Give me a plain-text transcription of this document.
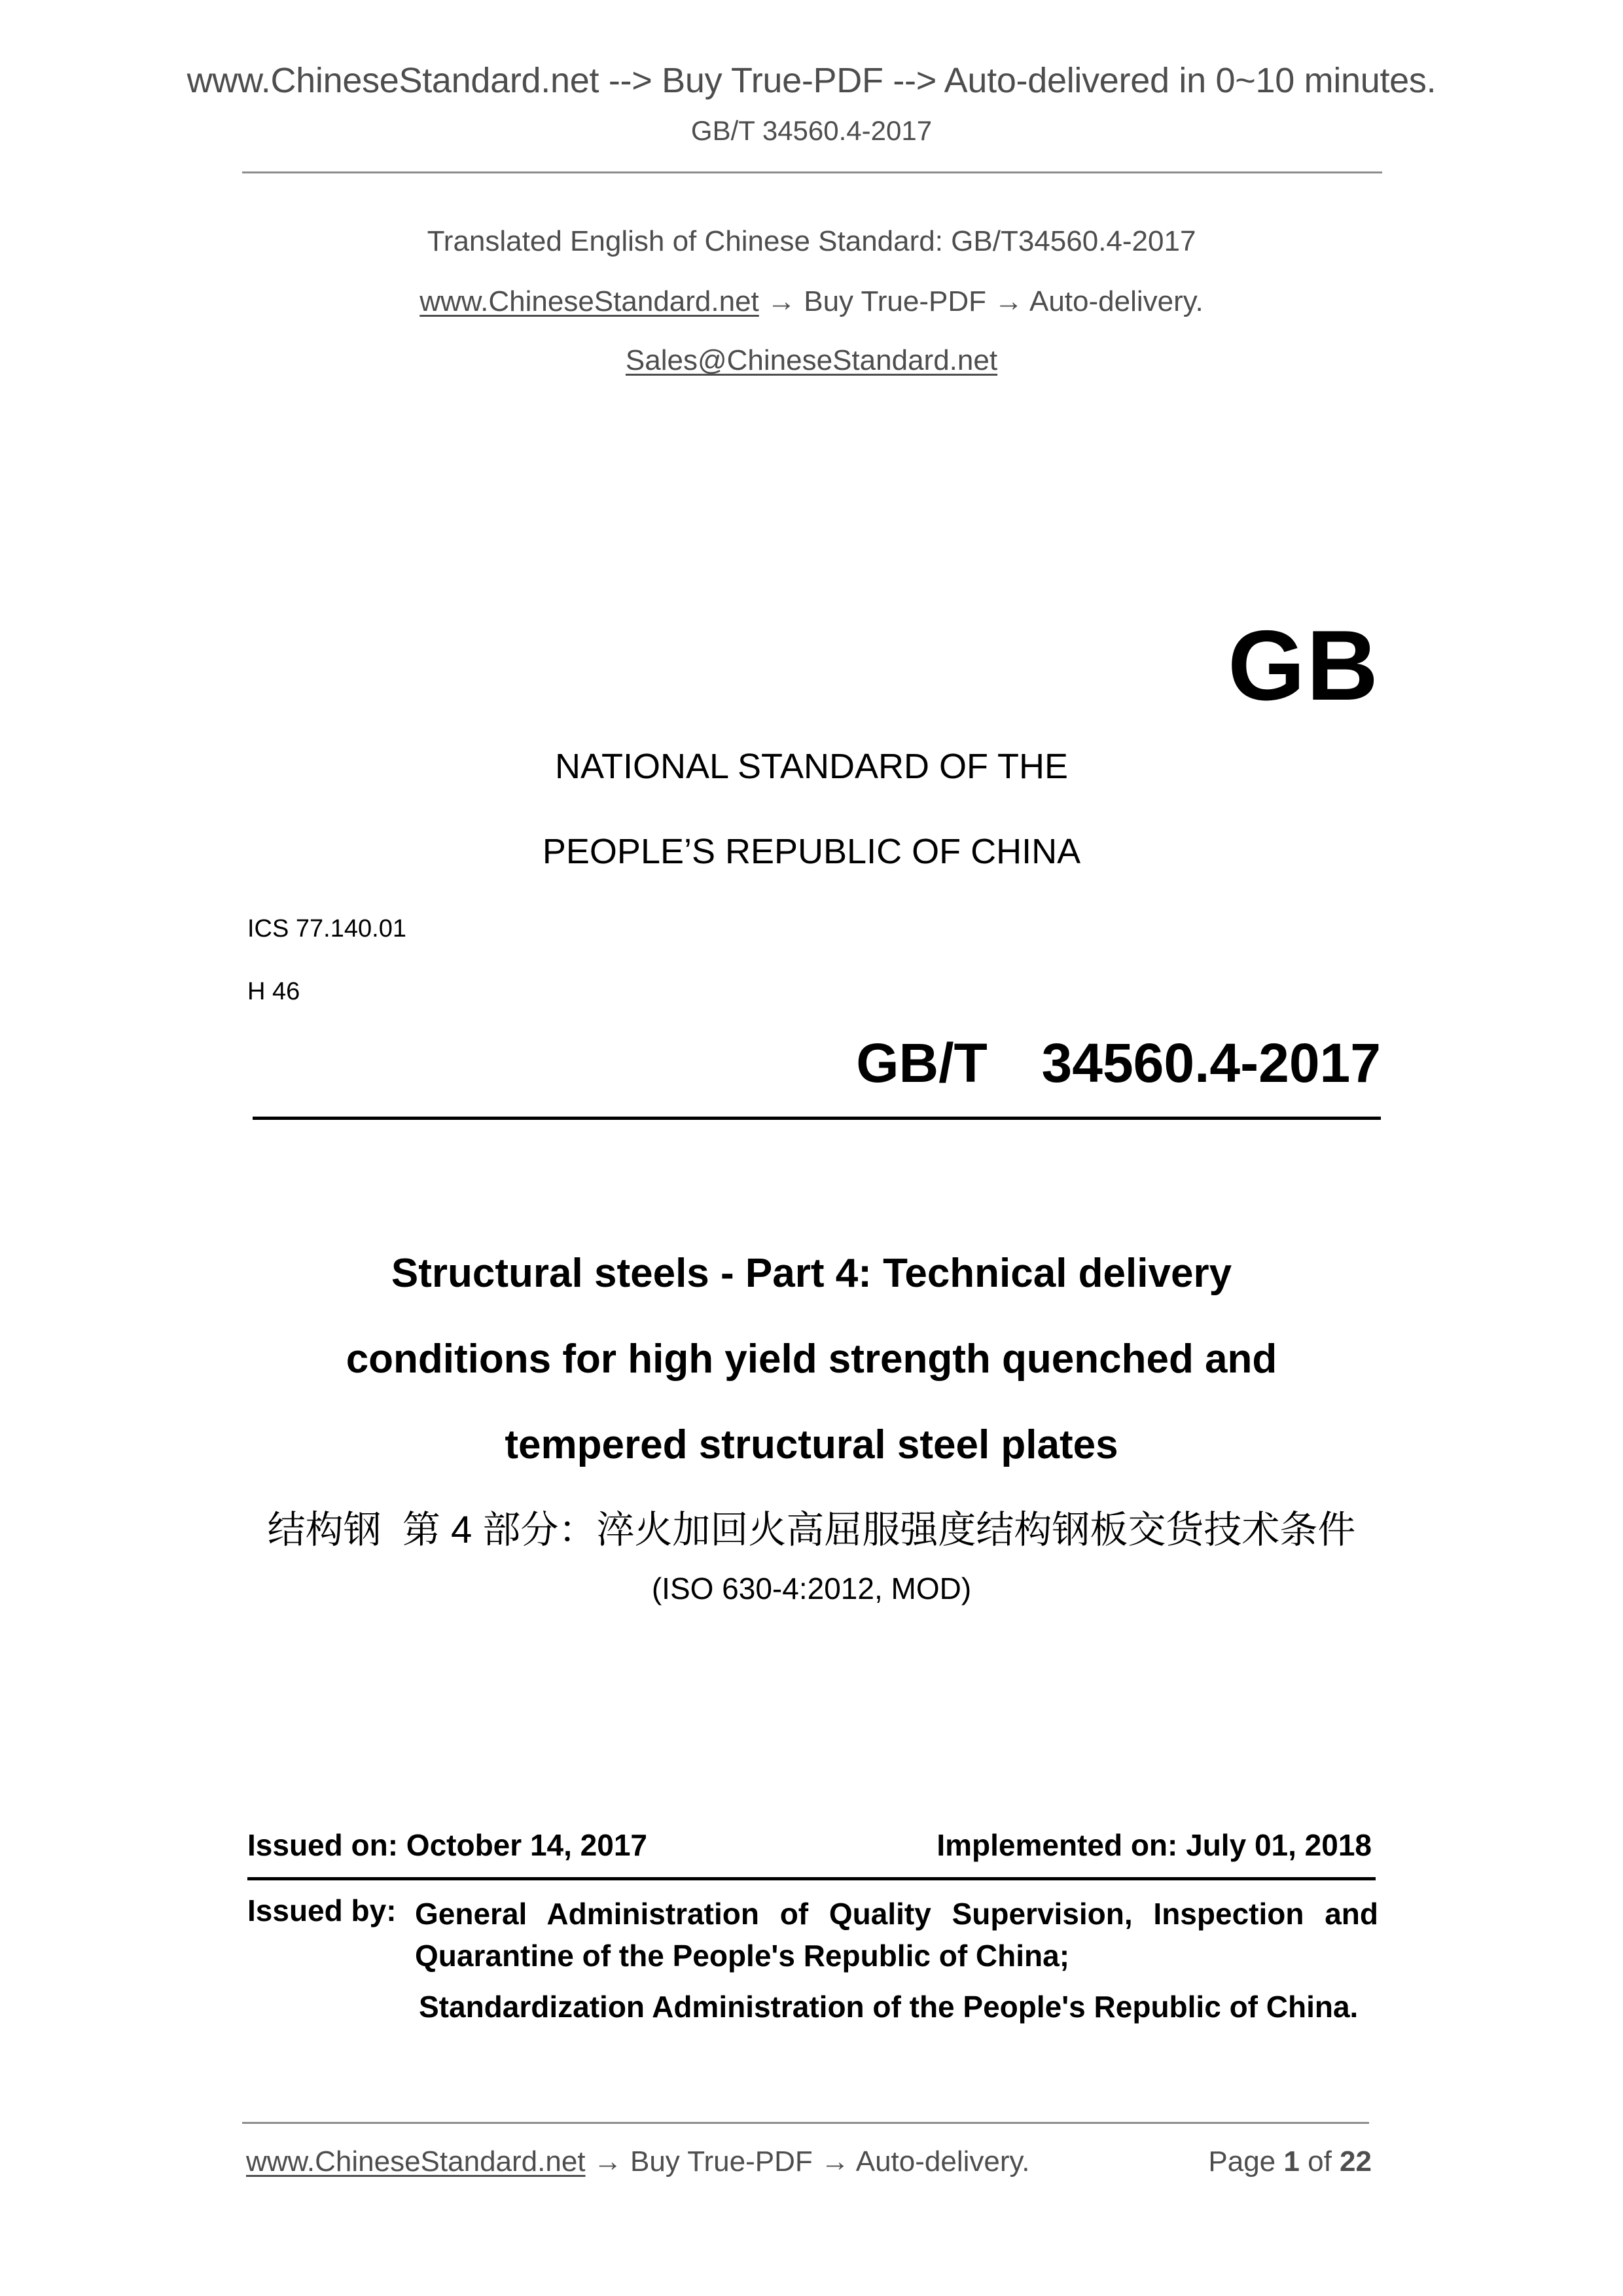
www.ChineseStandard.net --> Buy True-PDF --> Auto-delivered in 0~10 minutes.
GB/T 34560.4-2017
Translated English of Chinese Standard: GB/T34560.4-2017
www.ChineseStandard.net → Buy True-PDF → Auto-delivery.
Sales@ChineseStandard.net
GB
NATIONAL STANDARD OF THE
PEOPLE’S REPUBLIC OF CHINA
ICS 77.140.01
H 46
GB/T  34560.4-2017
Structural steels - Part 4: Technical delivery
conditions for high yield strength quenched and
tempered structural steel plates
结构钢  第 4 部分：淬火加回火高屈服强度结构钢板交货技术条件
(ISO 630-4:2012, MOD)
Issued on: October 14, 2017	Implemented on: July 01, 2018
Issued by: General Administration of Quality Supervision, Inspection and Quarantine of the People's Republic of China;
Standardization Administration of the People's Republic of China.
www.ChineseStandard.net → Buy True-PDF → Auto-delivery.	Page 1 of 22
